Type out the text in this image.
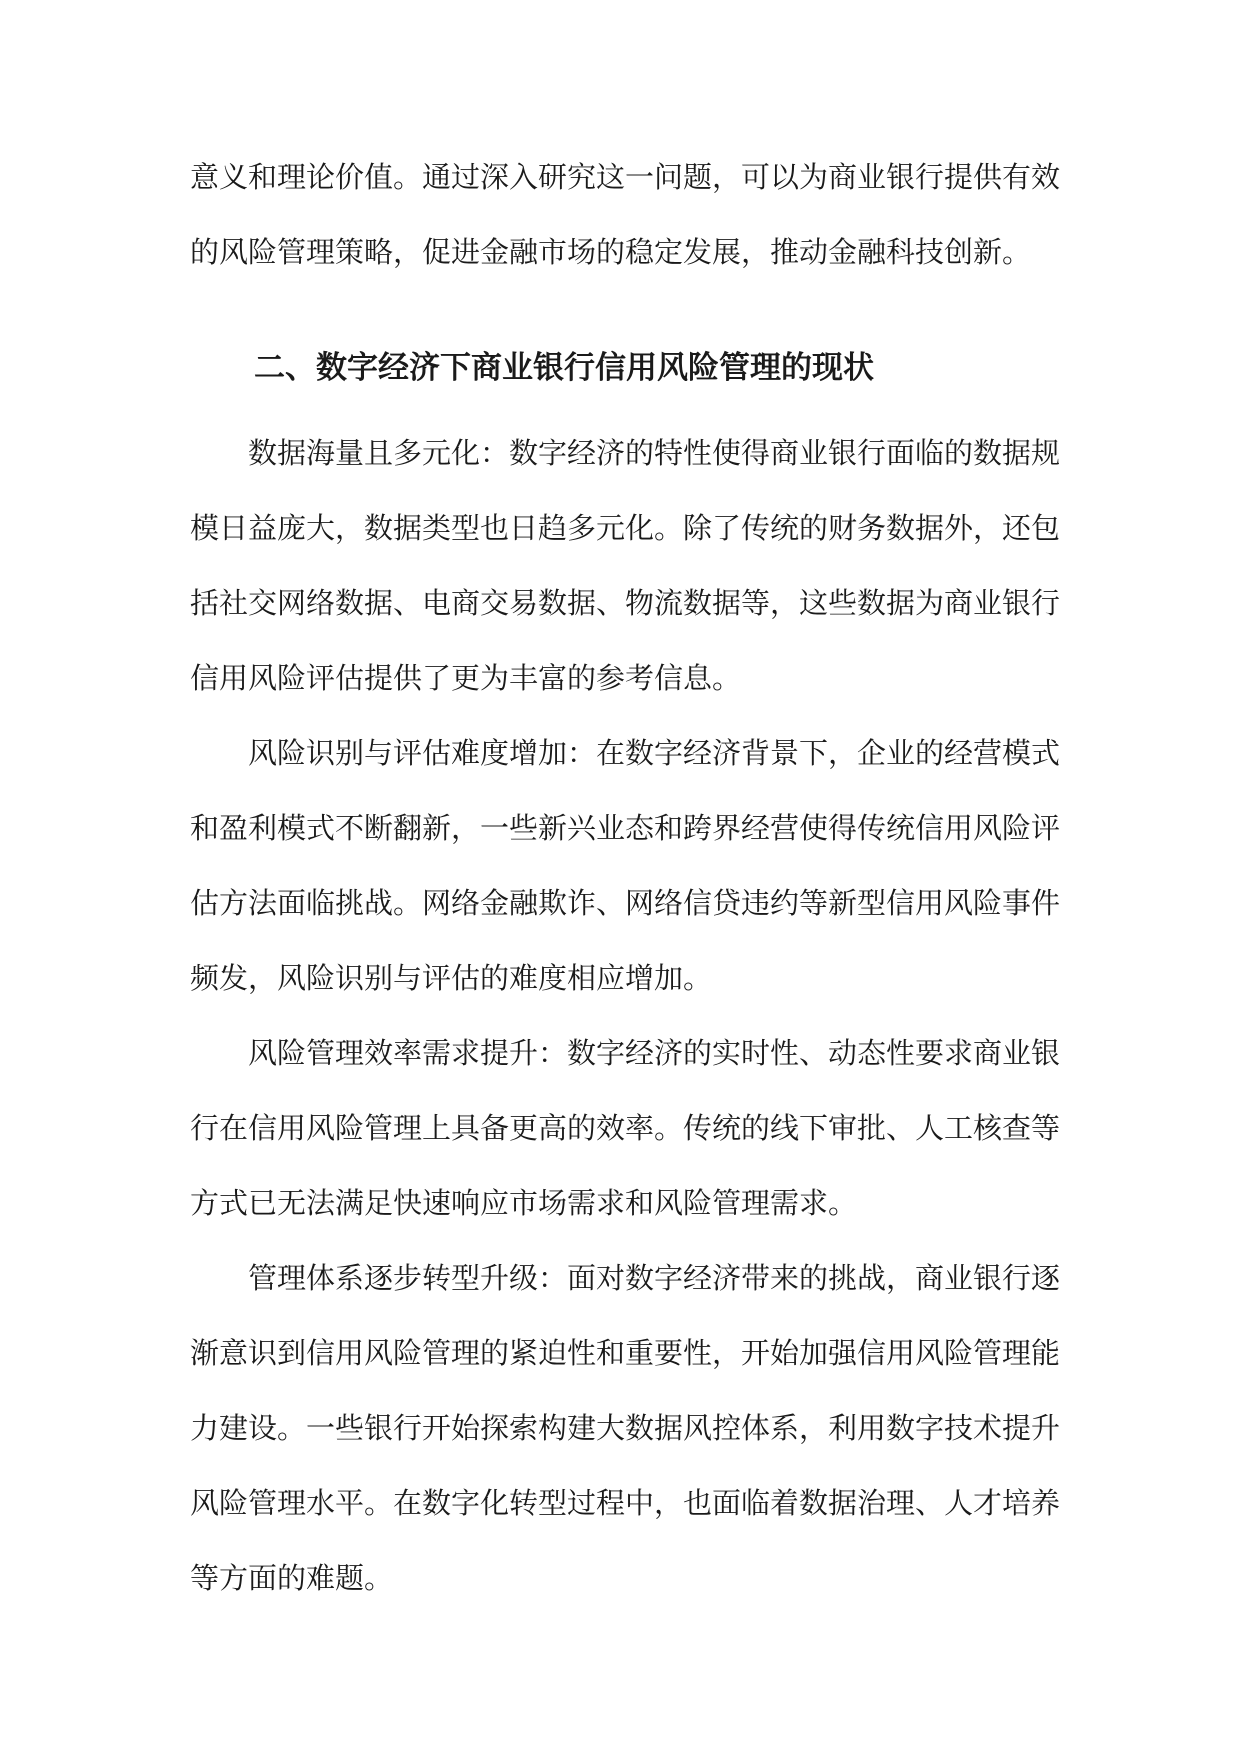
意义和理论价值。通过深入研究这一问题，可以为商业银行提供有效
的风险管理策略，促进金融市场的稳定发展，推动金融科技创新。
二、数字经济下商业银行信用风险管理的现状
数据海量且多元化：数字经济的特性使得商业银行面临的数据规
模日益庞大，数据类型也日趋多元化。除了传统的财务数据外，还包
括社交网络数据、电商交易数据、物流数据等，这些数据为商业银行
信用风险评估提供了更为丰富的参考信息。
风险识别与评估难度增加：在数字经济背景下，企业的经营模式
和盈利模式不断翻新，一些新兴业态和跨界经营使得传统信用风险评
估方法面临挑战。网络金融欺诈、网络信贷违约等新型信用风险事件
频发，风险识别与评估的难度相应增加。
风险管理效率需求提升：数字经济的实时性、动态性要求商业银
行在信用风险管理上具备更高的效率。传统的线下审批、人工核查等
方式已无法满足快速响应市场需求和风险管理需求。
管理体系逐步转型升级：面对数字经济带来的挑战，商业银行逐
渐意识到信用风险管理的紧迫性和重要性，开始加强信用风险管理能
力建设。一些银行开始探索构建大数据风控体系，利用数字技术提升
风险管理水平。在数字化转型过程中，也面临着数据治理、人才培养
等方面的难题。
